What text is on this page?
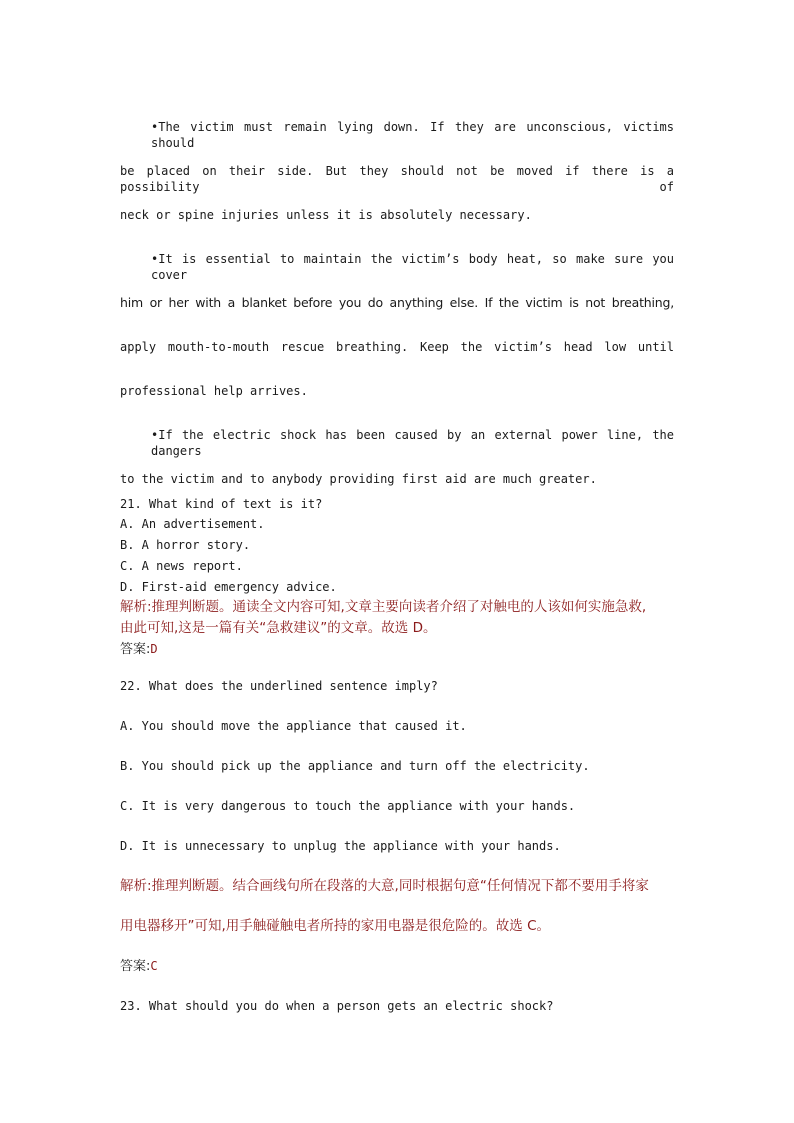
•The victim must remain lying down. If they are unconscious, victims should
be placed on their side. But they should not be moved if there is a possibility of
neck or spine injuries unless it is absolutely necessary.
•It is essential to maintain the victim’s body heat, so make sure you cover
him or her with a blanket before you do anything else. If the victim is not breathing,
apply mouth-to-mouth rescue breathing. Keep the victim’s head low until
professional help arrives.
•If the electric shock has been caused by an external power line, the dangers
to the victim and to anybody providing first aid are much greater.
21. What kind of text is it?
A. An advertisement.
B. A horror story.
C. A news report.
D. First-aid emergency advice.
解析:推理判断题。通读全文内容可知,文章主要向读者介绍了对触电的人该如何实施急救,
由此可知,这是一篇有关“急救建议”的文章。故选 D。
答案:D
22. What does the underlined sentence imply?
A. You should move the appliance that caused it.
B. You should pick up the appliance and turn off the electricity.
C. It is very dangerous to touch the appliance with your hands.
D. It is unnecessary to unplug the appliance with your hands.
解析:推理判断题。结合画线句所在段落的大意,同时根据句意“任何情况下都不要用手将家
用电器移开”可知,用手触碰触电者所持的家用电器是很危险的。故选 C。
答案:C
23. What should you do when a person gets an electric shock?
